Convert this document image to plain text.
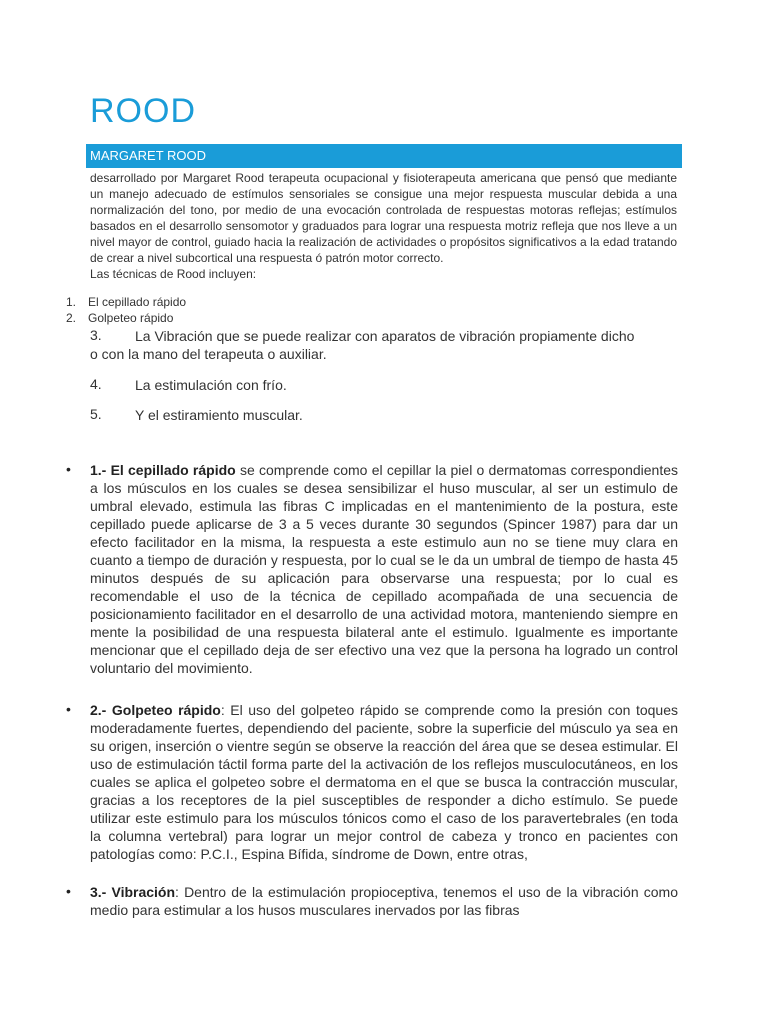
ROOD
MARGARET ROOD
desarrollado por Margaret Rood terapeuta ocupacional y fisioterapeuta americana que pensó que mediante un manejo adecuado de estímulos sensoriales se consigue una mejor respuesta muscular debida a una normalización del tono, por medio de una evocación controlada de respuestas motoras reflejas; estímulos basados en el desarrollo sensomotor y graduados para lograr una respuesta motriz refleja que nos lleve a un nivel mayor de control, guiado hacia la realización de actividades o propósitos significativos a la edad tratando de crear a nivel subcortical una respuesta ó patrón motor correcto.
Las técnicas de Rood incluyen:
1. El cepillado rápido
2. Golpeteo rápido
3. La Vibración que se puede realizar con aparatos de vibración propiamente dicho
o con la mano del terapeuta o auxiliar.
4. La estimulación con frío.
5. Y el estiramiento muscular.
• 1.- El cepillado rápido se comprende como el cepillar la piel o dermatomas correspondientes a los músculos en los cuales se desea sensibilizar el huso muscular, al ser un estimulo de umbral elevado, estimula las fibras C implicadas en el mantenimiento de la postura, este cepillado puede aplicarse de 3 a 5 veces durante 30 segundos (Spincer 1987) para dar un efecto facilitador en la misma, la respuesta a este estimulo aun no se tiene muy clara en cuanto a tiempo de duración y respuesta, por lo cual se le da un umbral de tiempo de hasta 45 minutos después de su aplicación para observarse una respuesta; por lo cual es recomendable el uso de la técnica de cepillado acompañada de una secuencia de posicionamiento facilitador en el desarrollo de una actividad motora, manteniendo siempre en mente la posibilidad de una respuesta bilateral ante el estimulo. Igualmente es importante mencionar que el cepillado deja de ser efectivo una vez que la persona ha logrado un control voluntario del movimiento.
• 2.- Golpeteo rápido: El uso del golpeteo rápido se comprende como la presión con toques moderadamente fuertes, dependiendo del paciente, sobre la superficie del músculo ya sea en su origen, inserción o vientre según se observe la reacción del área que se desea estimular. El uso de estimulación táctil forma parte del la activación de los reflejos musculocutáneos, en los cuales se aplica el golpeteo sobre el dermatoma en el que se busca la contracción muscular, gracias a los receptores de la piel susceptibles de responder a dicho estímulo. Se puede utilizar este estimulo para los músculos tónicos como el caso de los paravertebrales (en toda la columna vertebral) para lograr un mejor control de cabeza y tronco en pacientes con patologías como: P.C.I., Espina Bífida, síndrome de Down, entre otras,
• 3.- Vibración: Dentro de la estimulación propioceptiva, tenemos el uso de la vibración como medio para estimular a los husos musculares inervados por las fibras
